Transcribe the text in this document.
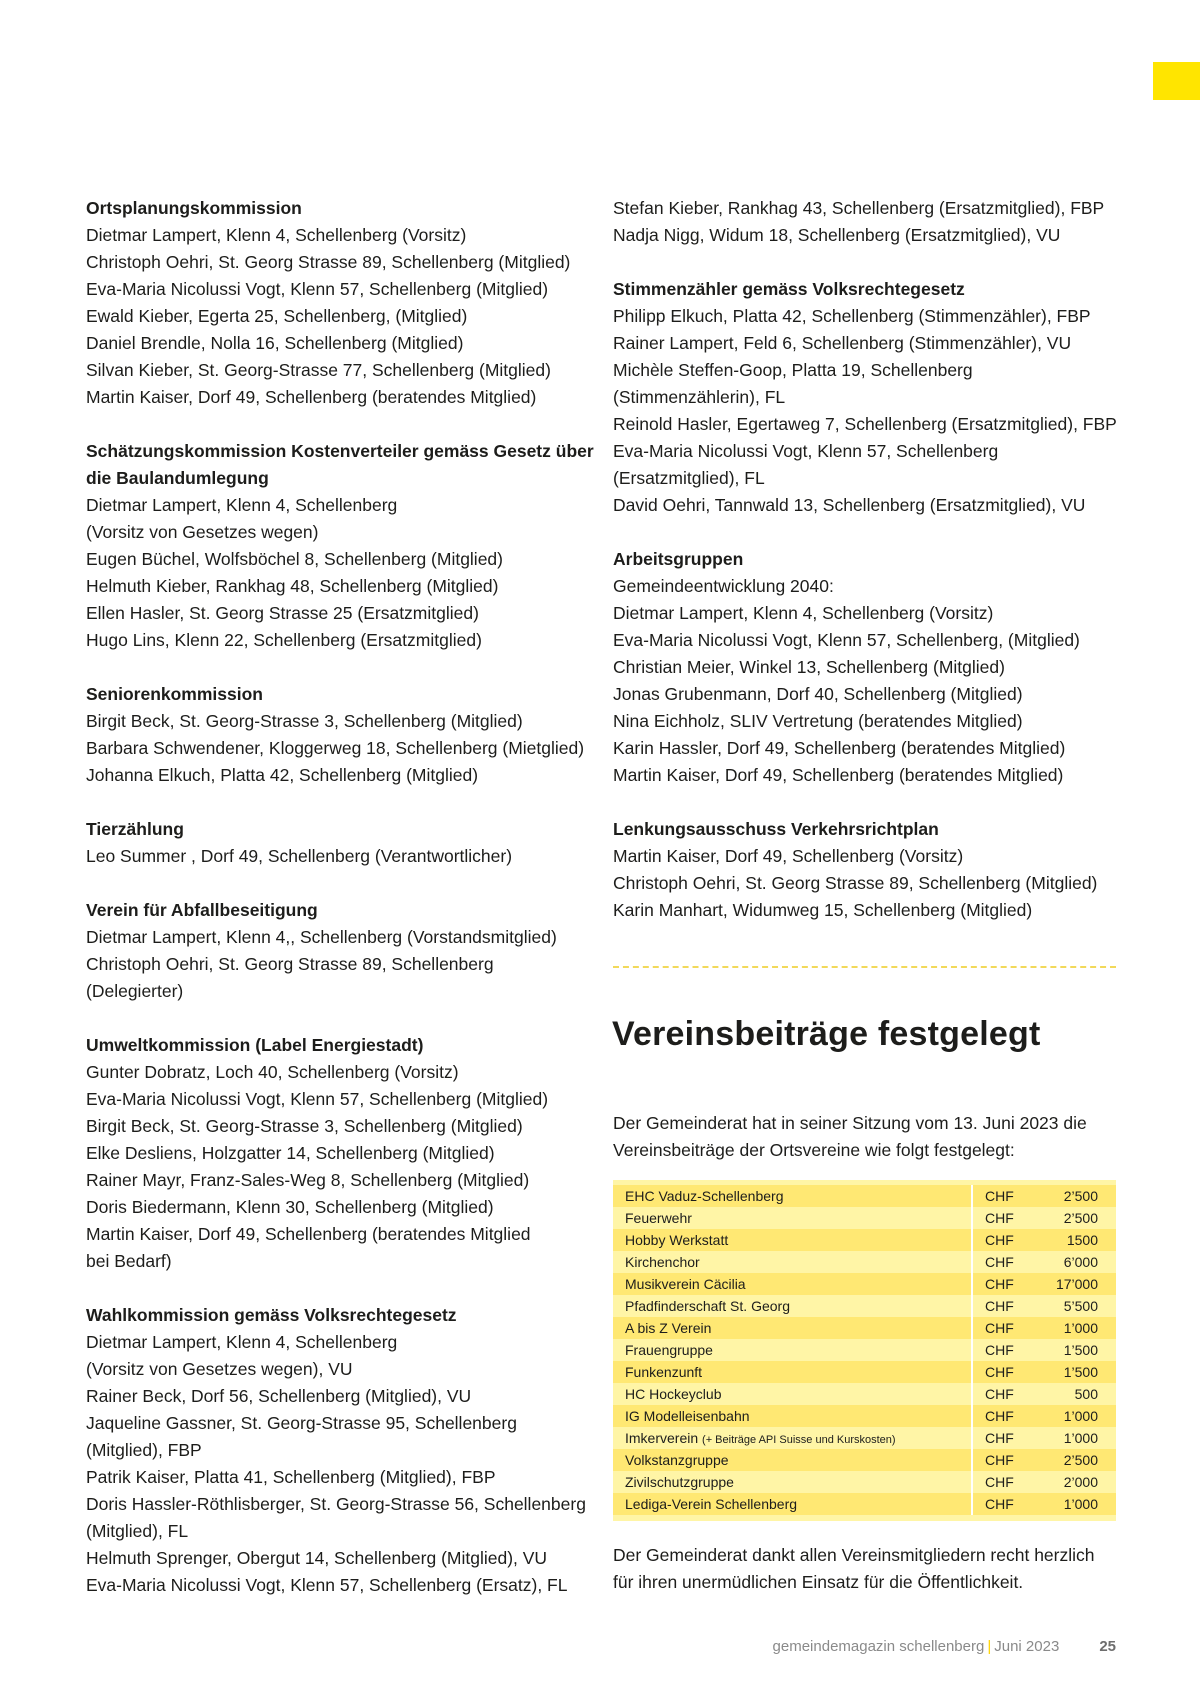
Ortsplanungskommission
Dietmar Lampert, Klenn 4, Schellenberg (Vorsitz)
Christoph Oehri, St. Georg Strasse 89, Schellenberg (Mitglied)
Eva-Maria Nicolussi Vogt, Klenn 57, Schellenberg (Mitglied)
Ewald Kieber, Egerta 25, Schellenberg, (Mitglied)
Daniel Brendle, Nolla 16, Schellenberg (Mitglied)
Silvan Kieber, St. Georg-Strasse 77, Schellenberg (Mitglied)
Martin Kaiser, Dorf 49, Schellenberg (beratendes Mitglied)
Schätzungskommission Kostenverteiler gemäss Gesetz über die Baulandumlegung
Dietmar Lampert, Klenn 4, Schellenberg
(Vorsitz von Gesetzes wegen)
Eugen Büchel, Wolfsböchel 8, Schellenberg (Mitglied)
Helmuth Kieber, Rankhag 48, Schellenberg (Mitglied)
Ellen Hasler, St. Georg Strasse 25 (Ersatzmitglied)
Hugo Lins, Klenn 22, Schellenberg (Ersatzmitglied)
Seniorenkommission
Birgit Beck, St. Georg-Strasse 3, Schellenberg (Mitglied)
Barbara Schwendener, Kloggerweg 18, Schellenberg (Mietglied)
Johanna Elkuch, Platta 42, Schellenberg (Mitglied)
Tierzählung
Leo Summer , Dorf 49, Schellenberg (Verantwortlicher)
Verein für Abfallbeseitigung
Dietmar Lampert, Klenn 4,, Schellenberg (Vorstandsmitglied)
Christoph Oehri, St. Georg Strasse 89, Schellenberg
(Delegierter)
Umweltkommission (Label Energiestadt)
Gunter Dobratz, Loch 40, Schellenberg (Vorsitz)
Eva-Maria Nicolussi Vogt, Klenn 57, Schellenberg (Mitglied)
Birgit Beck, St. Georg-Strasse 3, Schellenberg (Mitglied)
Elke Desliens, Holzgatter 14, Schellenberg (Mitglied)
Rainer Mayr, Franz-Sales-Weg 8, Schellenberg (Mitglied)
Doris Biedermann, Klenn 30, Schellenberg (Mitglied)
Martin Kaiser, Dorf 49, Schellenberg (beratendes Mitglied
bei Bedarf)
Wahlkommission gemäss Volksrechtegesetz
Dietmar Lampert, Klenn 4, Schellenberg
(Vorsitz von Gesetzes wegen), VU
Rainer Beck, Dorf 56, Schellenberg (Mitglied), VU
Jaqueline Gassner, St. Georg-Strasse 95, Schellenberg
(Mitglied), FBP
Patrik Kaiser, Platta 41, Schellenberg (Mitglied), FBP
Doris Hassler-Röthlisberger, St. Georg-Strasse 56, Schellenberg
(Mitglied), FL
Helmuth Sprenger, Obergut 14, Schellenberg (Mitglied), VU
Eva-Maria Nicolussi Vogt, Klenn 57, Schellenberg (Ersatz), FL
Stefan Kieber, Rankhag 43, Schellenberg (Ersatzmitglied), FBP
Nadja Nigg, Widum 18, Schellenberg (Ersatzmitglied), VU
Stimmenzähler gemäss Volksrechtegesetz
Philipp Elkuch, Platta 42, Schellenberg (Stimmenzähler), FBP
Rainer Lampert, Feld 6, Schellenberg (Stimmenzähler), VU
Michèle Steffen-Goop, Platta 19, Schellenberg
(Stimmenzählerin), FL
Reinold Hasler, Egertaweg 7, Schellenberg (Ersatzmitglied), FBP
Eva-Maria Nicolussi Vogt, Klenn 57, Schellenberg
(Ersatzmitglied), FL
David Oehri, Tannwald 13, Schellenberg (Ersatzmitglied), VU
Arbeitsgruppen
Gemeindeentwicklung 2040:
Dietmar Lampert, Klenn 4, Schellenberg (Vorsitz)
Eva-Maria Nicolussi Vogt, Klenn 57, Schellenberg, (Mitglied)
Christian Meier, Winkel 13, Schellenberg (Mitglied)
Jonas Grubenmann, Dorf 40, Schellenberg (Mitglied)
Nina Eichholz, SLIV Vertretung (beratendes Mitglied)
Karin Hassler, Dorf 49, Schellenberg (beratendes Mitglied)
Martin Kaiser, Dorf 49, Schellenberg (beratendes Mitglied)
Lenkungsausschuss Verkehrsrichtplan
Martin Kaiser, Dorf 49, Schellenberg (Vorsitz)
Christoph Oehri, St. Georg Strasse 89, Schellenberg (Mitglied)
Karin Manhart, Widumweg 15, Schellenberg (Mitglied)
Vereinsbeiträge festgelegt
Der Gemeinderat hat in seiner Sitzung vom 13. Juni 2023 die Vereinsbeiträge der Ortsvereine wie folgt festgelegt:
EHC Vaduz-Schellenberg	CHF	2’500
Feuerwehr	CHF	2’500
Hobby Werkstatt	CHF	1500
Kirchenchor	CHF	6’000
Musikverein Cäcilia	CHF	17’000
Pfadfinderschaft St. Georg	CHF	5’500
A bis Z Verein	CHF	1’000
Frauengruppe	CHF	1’500
Funkenzunft	CHF	1’500
HC Hockeyclub	CHF	500
IG Modelleisenbahn	CHF	1’000
Imkerverein (+ Beiträge API Suisse und Kurskosten)	CHF	1’000
Volkstanzgruppe	CHF	2’500
Zivilschutzgruppe	CHF	2’000
Lediga-Verein Schellenberg	CHF	1’000
Der Gemeinderat dankt allen Vereinsmitgliedern recht herzlich für ihren unermüdlichen Einsatz für die Öffentlichkeit.
gemeindemagazin schellenberg | Juni 2023	25
